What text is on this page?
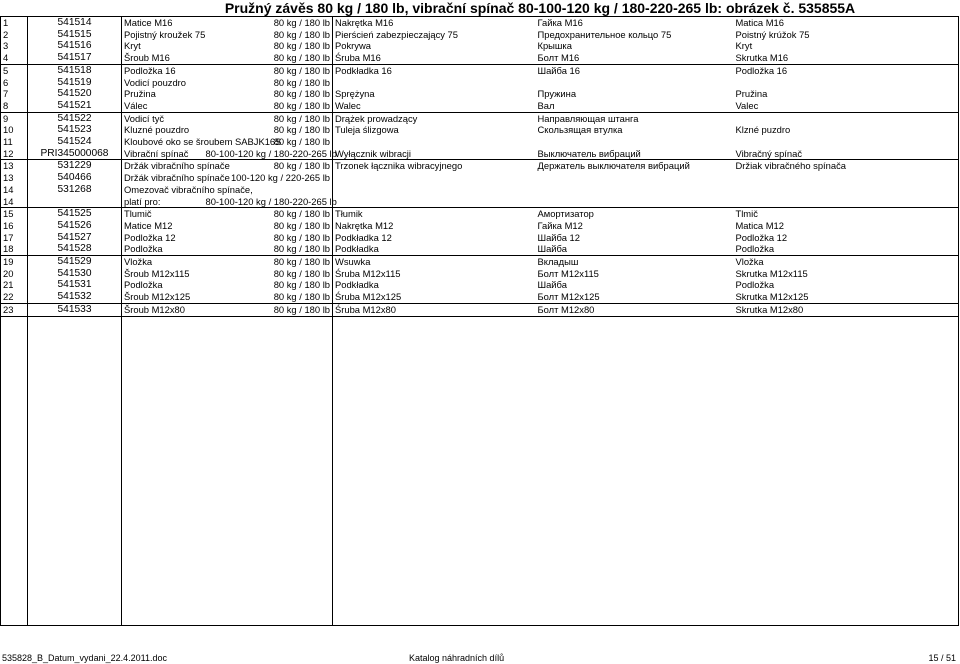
Pružný závěs 80 kg / 180 lb, vibrační spínač 80-100-120 kg / 180-220-265 lb: obrázek č. 535855A
1	541514	Matice M16	80 kg / 180 lb	Nakrętka M16	Гайка М16	Matica M16
2	541515	Pojistný kroužek 75	80 kg / 180 lb	Pierścień zabezpieczający 75	Предохранительное кольцо 75	Poistný krúžok 75
3	541516	Kryt	80 kg / 180 lb	Pokrywa	Крышка	Kryt
4	541517	Šroub M16	80 kg / 180 lb	Śruba M16	Болт М16	Skrutka M16
5	541518	Podložka 16	80 kg / 180 lb	Podkładka 16	Шайба 16	Podložka 16
6	541519	Vodicí pouzdro	80 kg / 180 lb			
7	541520	Pružina	80 kg / 180 lb	Sprężyna	Пружина	Pružina
8	541521	Válec	80 kg / 180 lb	Walec	Вал	Valec
9	541522	Vodicí tyč	80 kg / 180 lb	Drążek prowadzący	Направляющая штанга	
10	541523	Kluzné pouzdro	80 kg / 180 lb	Tuleja ślizgowa	Скользящая втулка	Klzné puzdro
11	541524	Kloubové oko se šroubem SABJK16S	80 kg / 180 lb			
12	PRI345000068	Vibrační spínač	80-100-120 kg / 180-220-265 lb	Wyłącznik wibracji	Выключатель вибраций	Vibračný spínač
13	531229	Držák vibračního spínače	80 kg / 180 lb	Trzonek łącznika wibracyjnego	Держатель выключателя вибраций	Držiak vibračného spínača
13	540466	Držák vibračního spínače	100-120 kg / 220-265 lb			
14	531268	Omezovač vibračního spínače,				
14		platí pro:	80-100-120 kg / 180-220-265 lb			
15	541525	Tlumič	80 kg / 180 lb	Tłumik	Амортизатор	Tlmič
16	541526	Matice M12	80 kg / 180 lb	Nakrętka M12	Гайка М12	Matica M12
17	541527	Podložka 12	80 kg / 180 lb	Podkładka 12	Шайба 12	Podložka 12
18	541528	Podložka	80 kg / 180 lb	Podkładka	Шайба	Podložka
19	541529	Vložka	80 kg / 180 lb	Wsuwka	Вкладыш	Vložka
20	541530	Šroub M12x115	80 kg / 180 lb	Śruba M12x115	Болт М12х115	Skrutka M12x115
21	541531	Podložka	80 kg / 180 lb	Podkładka	Шайба	Podložka
22	541532	Šroub M12x125	80 kg / 180 lb	Śruba M12x125	Болт М12х125	Skrutka M12x125
23	541533	Šroub M12x80	80 kg / 180 lb	Śruba M12x80	Болт М12х80	Skrutka M12x80

535828_B_Datum_vydani_22.4.2011.doc	Katalog náhradních dílů	15 / 51
